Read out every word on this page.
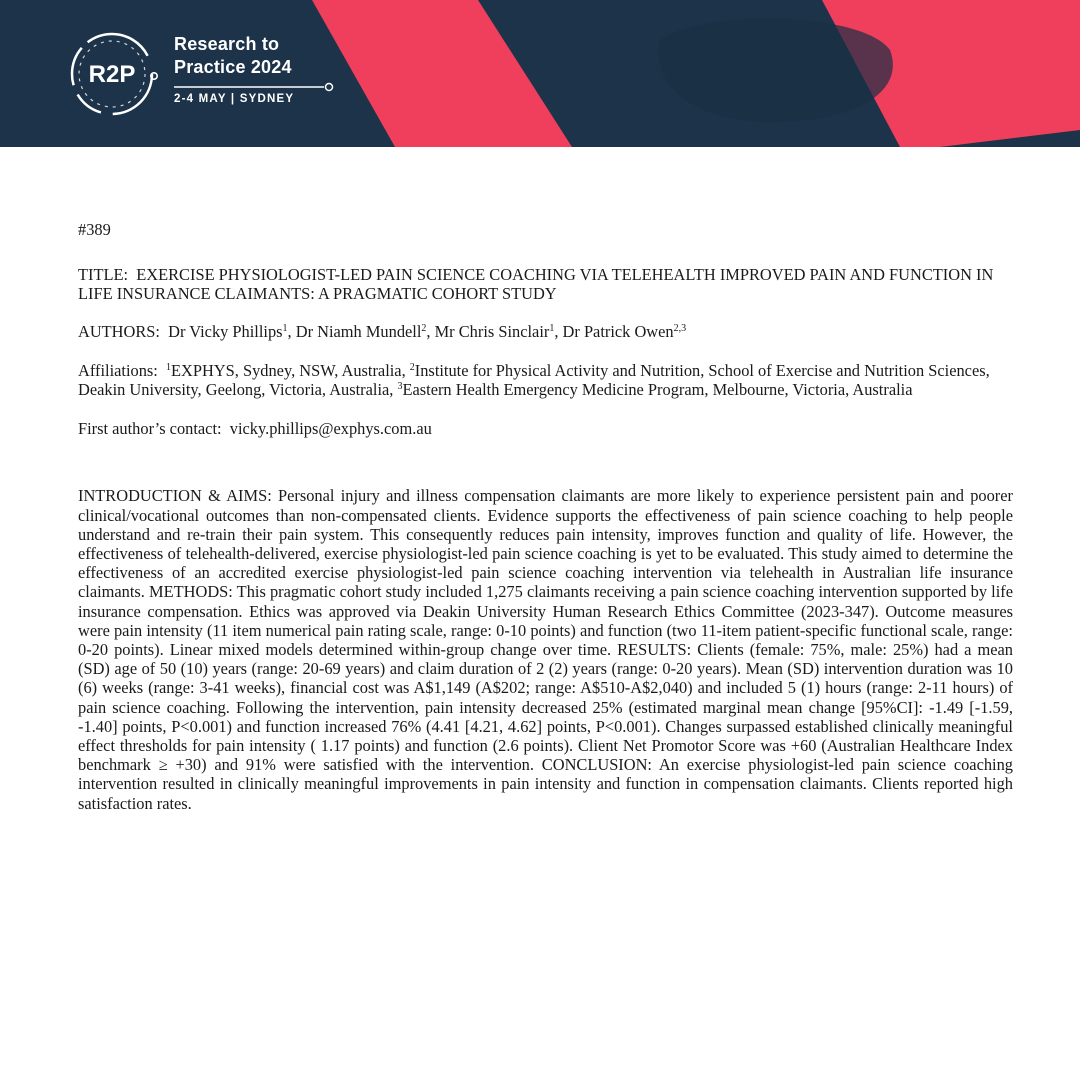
R2P
Research to
Practice 2024
2-4 MAY | SYDNEY

#389

TITLE: EXERCISE PHYSIOLOGIST-LED PAIN SCIENCE COACHING VIA TELEHEALTH IMPROVED PAIN AND FUNCTION IN LIFE INSURANCE CLAIMANTS: A PRAGMATIC COHORT STUDY

AUTHORS: Dr Vicky Phillips$^1$, Dr Niamh Mundell$^2$, Mr Chris Sinclair$^1$, Dr Patrick Owen$^{2,3}$

Affiliations: $^1$EXPHYS, Sydney, NSW, Australia, $^2$Institute for Physical Activity and Nutrition, School of Exercise and Nutrition Sciences, Deakin University, Geelong, Victoria, Australia, $^3$Eastern Health Emergency Medicine Program, Melbourne, Victoria, Australia

First author’s contact: vicky.phillips@exphys.com.au

INTRODUCTION & AIMS: Personal injury and illness compensation claimants are more likely to experience persistent pain and poorer clinical/vocational outcomes than non-compensated clients. Evidence supports the effectiveness of pain science coaching to help people understand and re-train their pain system. This consequently reduces pain intensity, improves function and quality of life. However, the effectiveness of telehealth-delivered, exercise physiologist-led pain science coaching is yet to be evaluated. This study aimed to determine the effectiveness of an accredited exercise physiologist-led pain science coaching intervention via telehealth in Australian life insurance claimants. METHODS: This pragmatic cohort study included 1,275 claimants receiving a pain science coaching intervention supported by life insurance compensation. Ethics was approved via Deakin University Human Research Ethics Committee (2023-347). Outcome measures were pain intensity (11 item numerical pain rating scale, range: 0-10 points) and function (two 11-item patient-specific functional scale, range: 0-20 points). Linear mixed models determined within-group change over time. RESULTS: Clients (female: 75%, male: 25%) had a mean (SD) age of 50 (10) years (range: 20-69 years) and claim duration of 2 (2) years (range: 0-20 years). Mean (SD) intervention duration was 10 (6) weeks (range: 3-41 weeks), financial cost was A$1,149 (A$202; range: A$510-A$2,040) and included 5 (1) hours (range: 2-11 hours) of pain science coaching. Following the intervention, pain intensity decreased 25% (estimated marginal mean change [95%CI]: -1.49 [-1.59, -1.40] points, P<0.001) and function increased 76% (4.41 [4.21, 4.62] points, P<0.001). Changes surpassed established clinically meaningful effect thresholds for pain intensity ( 1.17 points) and function (2.6 points). Client Net Promotor Score was +60 (Australian Healthcare Index benchmark ≥ +30) and 91% were satisfied with the intervention. CONCLUSION: An exercise physiologist-led pain science coaching intervention resulted in clinically meaningful improvements in pain intensity and function in compensation claimants. Clients reported high satisfaction rates.
